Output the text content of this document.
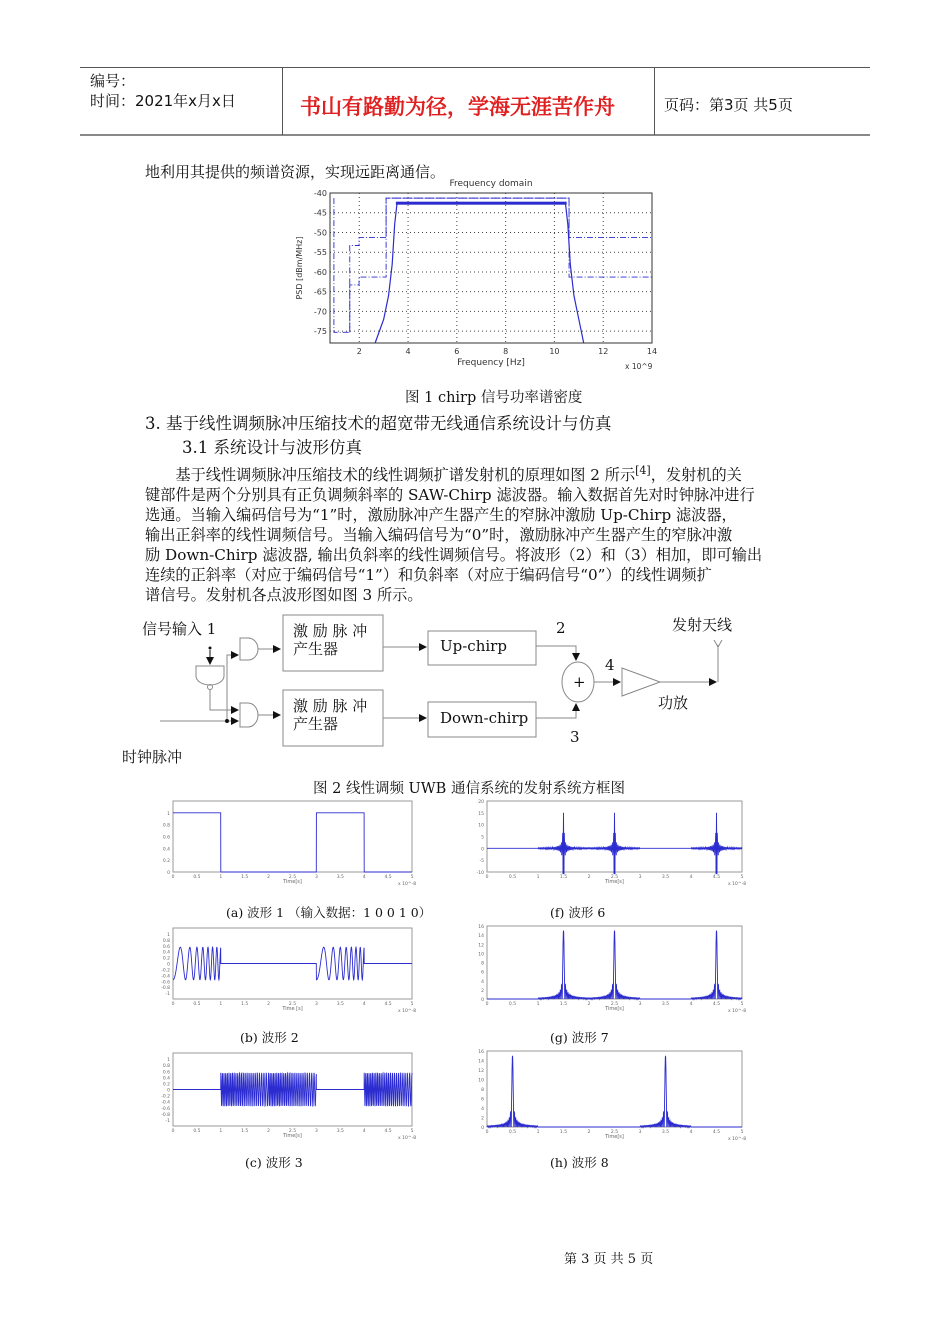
编号：
时间：2021年x月x日	书山有路勤为径，学海无涯苦作舟	页码：第3页 共5页
地利用其提供的频谱资源，实现远距离通信。
2	4	6	8	10	12	14
-40
-45
-50
-55
-60
-65
-70
-75
Frequency domain
Frequency [Hz]	x 10^9
PSD [dBm/MHz]
图 1 chirp 信号功率谱密度
3. 基于线性调频脉冲压缩技术的超宽带无线通信系统设计与仿真
3.1 系统设计与波形仿真

　　基于线性调频脉冲压缩技术的线性调频扩谱发射机的原理如图 2 所示[4]，发射机的关

键部件是两个分别具有正负调频斜率的 SAW-Chirp 滤波器。输入数据首先对时钟脉冲进行

选通。当输入编码信号为“1”时，激励脉冲产生器产生的窄脉冲激励 Up-Chirp 滤波器，

输出正斜率的线性调频信号。当输入编码信号为“0”时，激励脉冲产生器产生的窄脉冲激

励 Down-Chirp 滤波器, 输出负斜率的线性调频信号。将波形（2）和（3）相加，即可输出

连续的正斜率（对应于编码信号“1”）和负斜率（对应于编码信号“0”）的线性调频扩

谱信号。发射机各点波形图如图 3 所示。

信号输入 1
时钟脉冲
激 励 脉 冲
产生器
激 励 脉 冲
产生器
Up-chirp
Down-chirp
+
2
3
4
功放
发射天线
图 2 线性调频 UWB 通信系统的发射系统方框图
0	0.5	1	1.5	2	2.5	3	3.5	4	4.5	5
0
0.2
0.4
0.6
0.8
1
Time[s]	x 10^-8
0	0.5	1	1.5	2	2.5	3	3.5	4	4.5	5
-10
-5
0
5
10
15
20
Time[s]	x 10^-8
0	0.5	1	1.5	2	2.5	3	3.5	4	4.5	5
-1
-0.8
-0.6
-0.4
-0.2
0
0.2
0.4
0.6
0.8
1
Time [s]	x 10^-8
0	0.5	1	1.5	2	2.5	3	3.5	4	4.5	5
0
2
4
6
8
10
12
14
16
Time[s]	x 10^-8
0	0.5	1	1.5	2	2.5	3	3.5	4	4.5	5
-1
-0.8
-0.6
-0.4
-0.2
0
0.2
0.4
0.6
0.8
1
Time[s]	x 10^-8
0	0.5	1	1.5	2	2.5	3	3.5	4	4.5	5
0
2
4
6
8
10
12
14
16
Time[s]	x 10^-8
(a) 波形 1 （输入数据：1 0 0 1 0）	(f) 波形 6
(b) 波形 2	(g) 波形 7
(c) 波形 3	(h) 波形 8
第 3 页 共 5 页
